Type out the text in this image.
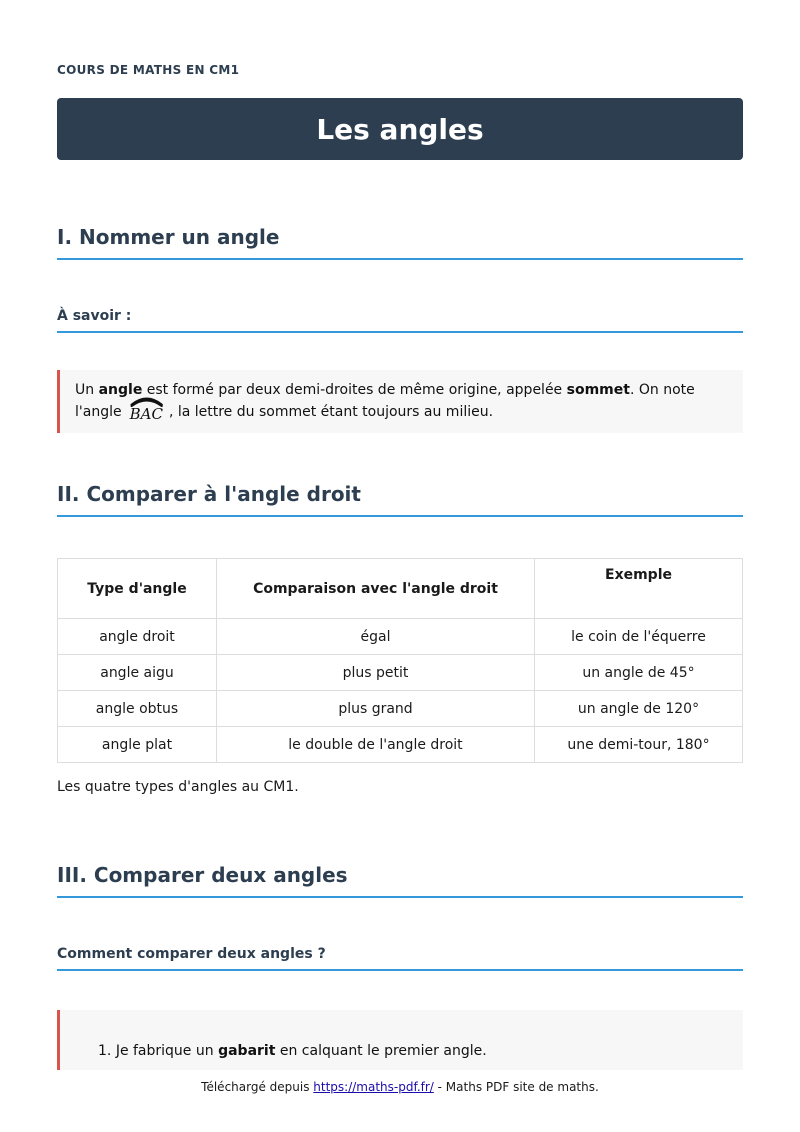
COURS DE MATHS EN CM1
Les angles
I. Nommer un angle
À savoir :
Un angle est formé par deux demi-droites de même origine, appelée sommet. On note l'angle BAC , la lettre du sommet étant toujours au milieu.
II. Comparer à l'angle droit
Type d'angle	Comparaison avec l'angle droit	Exemple
angle droit	égal	le coin de l'équerre
angle aigu	plus petit	un angle de 45°
angle obtus	plus grand	un angle de 120°
angle plat	le double de l'angle droit	une demi-tour, 180°
Les quatre types d'angles au CM1.
III. Comparer deux angles
Comment comparer deux angles ?
1. Je fabrique un gabarit en calquant le premier angle.
Téléchargé depuis https://maths-pdf.fr/ - Maths PDF site de maths.
